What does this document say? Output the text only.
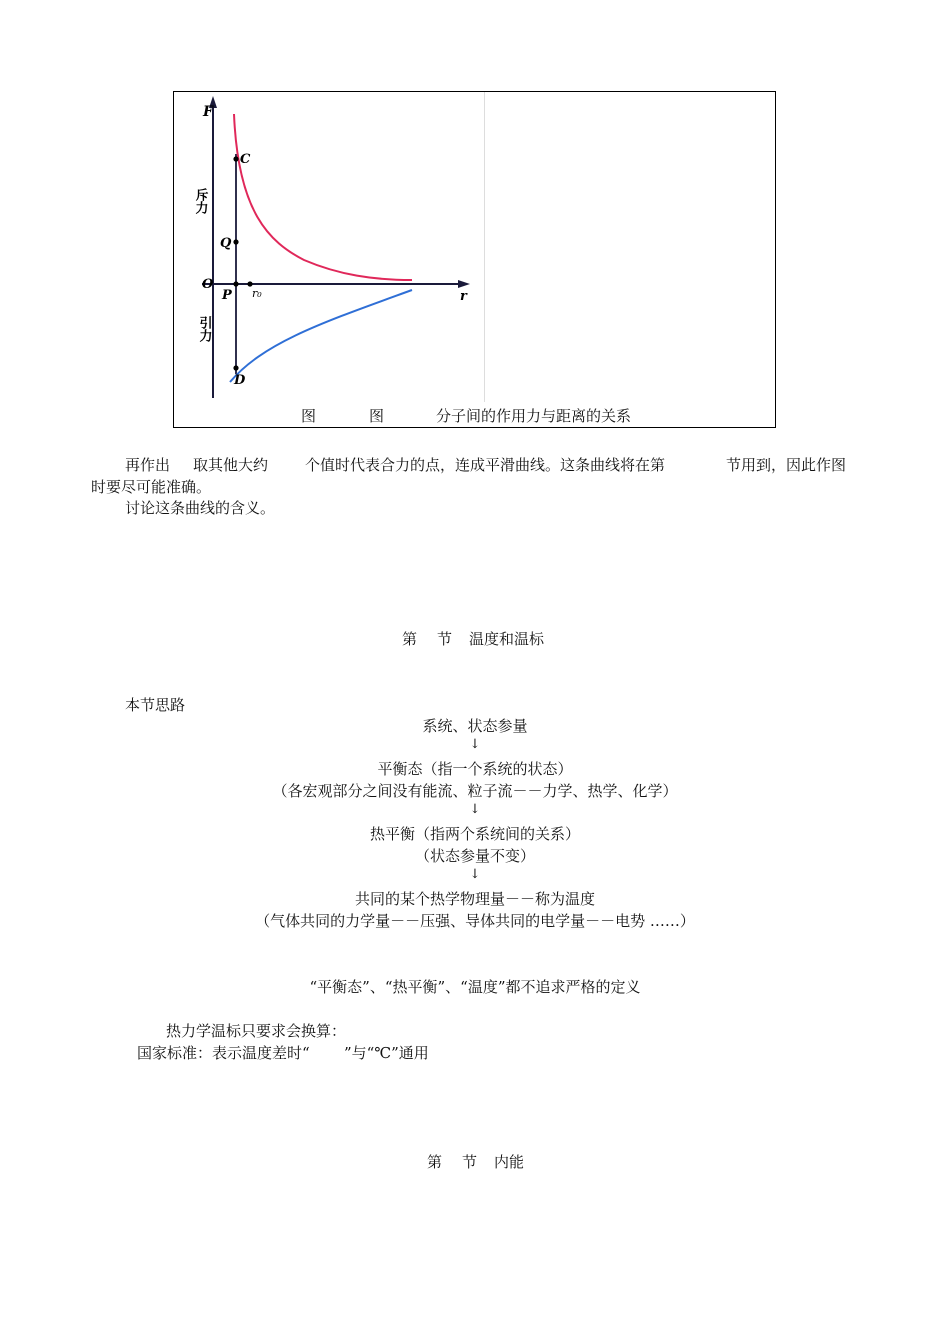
F
r
O
C
Q
P r₀
D
斥力
引力
图	图	分子间的作用力与距离的关系
再作出 取其他大约 个值时代表合力的点，连成平滑曲线。这条曲线将在第	节用到，因此作图
时要尽可能准确。
讨论这条曲线的含义。
第 节 温度和温标
本节思路
系统、状态参量
↓
平衡态（指一个系统的状态）
（各宏观部分之间没有能流、粒子流－－力学、热学、化学）
↓
热平衡（指两个系统间的关系）
（状态参量不变）
↓
共同的某个热学物理量－－称为温度
（气体共同的力学量－－压强、导体共同的电学量－－电势 ……）
“平衡态”、“热平衡”、“温度”都不追求严格的定义
热力学温标只要求会换算：
国家标准：表示温度差时“ ”与“℃”通用
第 节 内能
